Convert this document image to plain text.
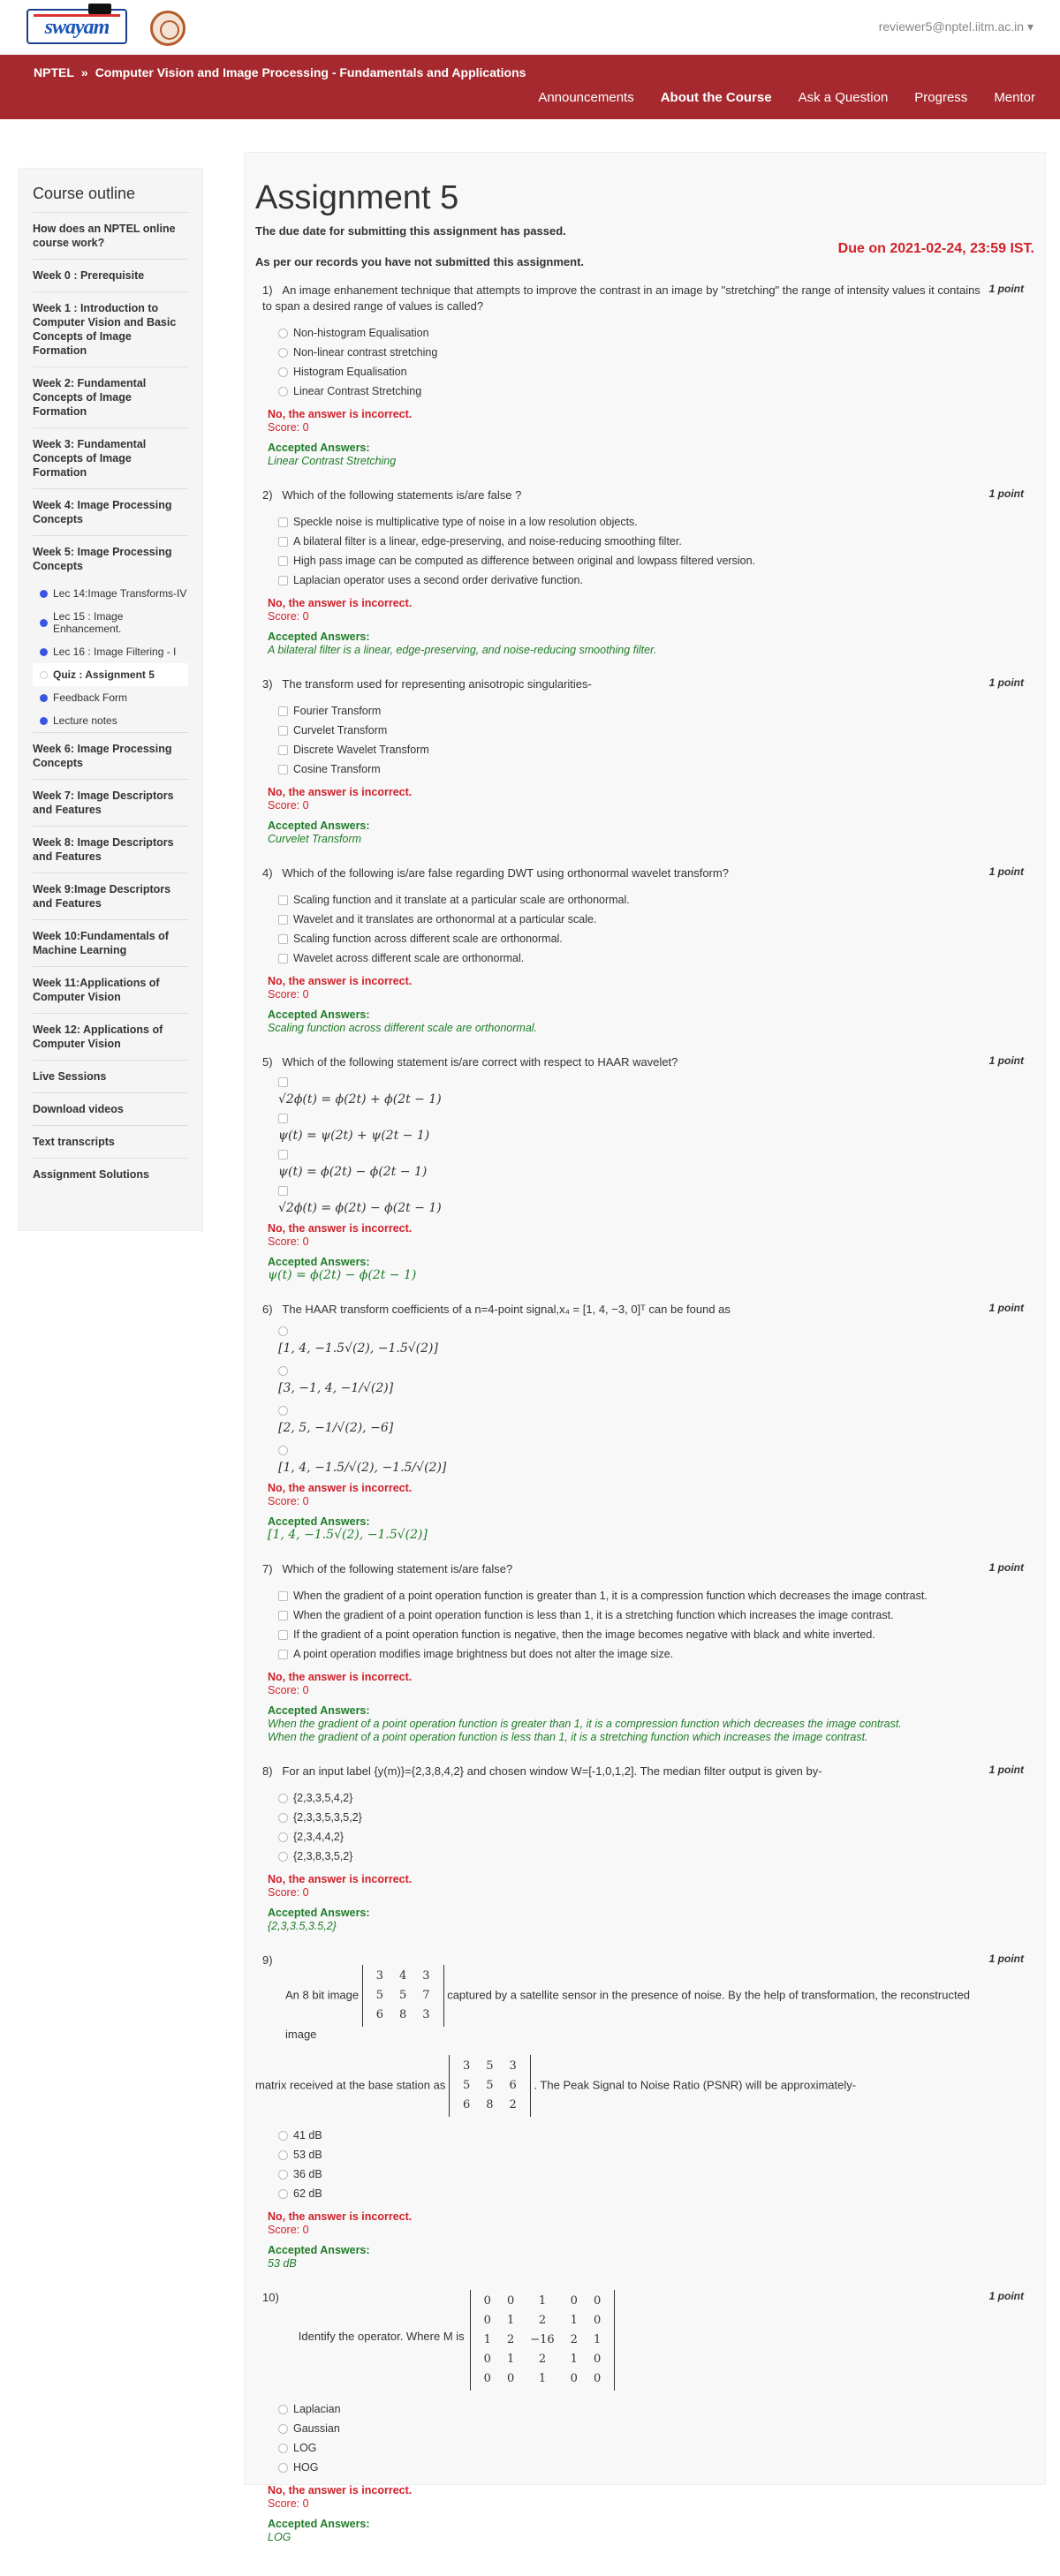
swayam	reviewer5@nptel.iitm.ac.in ▾
NPTEL » Computer Vision and Image Processing - Fundamentals and Applications
Announcements About the Course Ask a Question Progress Mentor
Course outline
How does an NPTEL online course work?
Week 0 : Prerequisite
Week 1 : Introduction to Computer Vision and Basic Concepts of Image Formation
Week 2: Fundamental Concepts of Image Formation
Week 3: Fundamental Concepts of Image Formation
Week 4: Image Processing Concepts
Week 5: Image Processing Concepts
Lec 14:Image Transforms-IV
Lec 15 : Image Enhancement.
Lec 16 : Image Filtering - I
Quiz : Assignment 5
Feedback Form
Lecture notes
Week 6: Image Processing Concepts
Week 7: Image Descriptors and Features
Week 8: Image Descriptors and Features
Week 9:Image Descriptors and Features
Week 10:Fundamentals of Machine Learning
Week 11:Applications of Computer Vision
Week 12: Applications of Computer Vision
Live Sessions
Download videos
Text transcripts
Assignment Solutions
Assignment 5
The due date for submitting this assignment has passed.
Due on 2021-02-24, 23:59 IST.
As per our records you have not submitted this assignment.
1 point
1) An image enhanement technique that attempts to improve the contrast in an image by "stretching" the range of intensity values it contains to span a desired range of values is called?
Non-histogram Equalisation
Non-linear contrast stretching
Histogram Equalisation
Linear Contrast Stretching
No, the answer is incorrect.
Score: 0
Accepted Answers:
Linear Contrast Stretching
1 point
2) Which of the following statements is/are false ?
Speckle noise is multiplicative type of noise in a low resolution objects.
A bilateral filter is a linear, edge-preserving, and noise-reducing smoothing filter.
High pass image can be computed as difference between original and lowpass filtered version.
Laplacian operator uses a second order derivative function.
No, the answer is incorrect.
Score: 0
Accepted Answers:
A bilateral filter is a linear, edge-preserving, and noise-reducing smoothing filter.
1 point
3) The transform used for representing anisotropic singularities-
Fourier Transform
Curvelet Transform
Discrete Wavelet Transform
Cosine Transform
No, the answer is incorrect.
Score: 0
Accepted Answers:
Curvelet Transform
1 point
4) Which of the following is/are false regarding DWT using orthonormal wavelet transform?
Scaling function and it translate at a particular scale are orthonormal.
Wavelet and it translates are orthonormal at a particular scale.
Scaling function across different scale are orthonormal.
Wavelet across different scale are orthonormal.
No, the answer is incorrect.
Score: 0
Accepted Answers:
Scaling function across different scale are orthonormal.
1 point
5) Which of the following statement is/are correct with respect to HAAR wavelet?
√2ϕ(t) = ϕ(2t) + ϕ(2t − 1)
ψ(t) = ψ(2t) + ψ(2t − 1)
ψ(t) = ϕ(2t) − ϕ(2t − 1)
√2ϕ(t) = ϕ(2t) − ϕ(2t − 1)
No, the answer is incorrect.
Score: 0
Accepted Answers:
ψ(t) = ϕ(2t) − ϕ(2t − 1)
1 point
6) The HAAR transform coefficients of a n=4-point signal,x₄ = [1, 4, −3, 0]ᵀ can be found as
[1, 4, −1.5√(2), −1.5√(2)]
[3, −1, 4, −1/√(2)]
[2, 5, −1/√(2), −6]
[1, 4, −1.5/√(2), −1.5/√(2)]
No, the answer is incorrect.
Score: 0
Accepted Answers:
[1, 4, −1.5√(2), −1.5√(2)]
1 point
7) Which of the following statement is/are false?
When the gradient of a point operation function is greater than 1, it is a compression function which decreases the image contrast.
When the gradient of a point operation function is less than 1, it is a stretching function which increases the image contrast.
If the gradient of a point operation function is negative, then the image becomes negative with black and white inverted.
A point operation modifies image brightness but does not alter the image size.
No, the answer is incorrect.
Score: 0
Accepted Answers:
When the gradient of a point operation function is greater than 1, it is a compression function which decreases the image contrast.
When the gradient of a point operation function is less than 1, it is a stretching function which increases the image contrast.
1 point
8) For an input label {y(m)}={2,3,8,4,2} and chosen window W=[-1,0,1,2]. The median filter output is given by-
{2,3,3,5,4,2}
{2,3,3,5,3,5,2}
{2,3,4,4,2}
{2,3,8,3,5,2}
No, the answer is incorrect.
Score: 0
Accepted Answers:
{2,3,3.5,3.5,2}
1 point
9)
An 8 bit image
3	4	3
5	5	7
6	8	3
captured by a satellite sensor in the presence of noise. By the help of transformation, the reconstructed image
matrix received at the base station as
3	5	3
5	5	6
6	8	2
. The Peak Signal to Noise Ratio (PSNR) will be approximately-
41 dB
53 dB
36 dB
62 dB
No, the answer is incorrect.
Score: 0
Accepted Answers:
53 dB
1 point
10)
Identify the operator. Where M is
0	0	1	0	0
0	1	2	1	0
1	2	−16	2	1
0	1	2	1	0
0	0	1	0	0
Laplacian
Gaussian
LOG
HOG
No, the answer is incorrect.
Score: 0
Accepted Answers:
LOG
